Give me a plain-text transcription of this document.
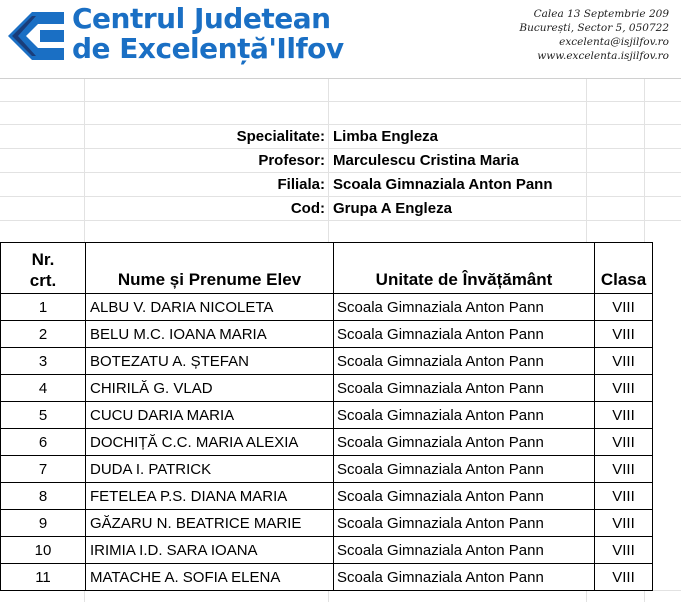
Centrul Judetean
de Excelență'Ilfov
Calea 13 Septembrie 209
București, Sector 5, 050722
excelenta@isjilfov.ro
www.excelenta.isjilfov.ro
Specialitate: Limba Engleza
Profesor: Marculescu Cristina Maria
Filiala: Scoala Gimnaziala Anton Pann
Cod: Grupa A Engleza
Nr.
crt.	Nume și Prenume Elev	Unitate de Învățământ	Clasa
1	ALBU V. DARIA NICOLETA	Scoala Gimnaziala Anton Pann	VIII
2	BELU M.C. IOANA MARIA	Scoala Gimnaziala Anton Pann	VIII
3	BOTEZATU A. ȘTEFAN	Scoala Gimnaziala Anton Pann	VIII
4	CHIRILĂ G. VLAD	Scoala Gimnaziala Anton Pann	VIII
5	CUCU DARIA MARIA	Scoala Gimnaziala Anton Pann	VIII
6	DOCHIȚĂ C.C. MARIA ALEXIA	Scoala Gimnaziala Anton Pann	VIII
7	DUDA I. PATRICK	Scoala Gimnaziala Anton Pann	VIII
8	FETELEA P.S. DIANA MARIA	Scoala Gimnaziala Anton Pann	VIII
9	GĂZARU N. BEATRICE MARIE	Scoala Gimnaziala Anton Pann	VIII
10	IRIMIA I.D. SARA IOANA	Scoala Gimnaziala Anton Pann	VIII
11	MATACHE A. SOFIA ELENA	Scoala Gimnaziala Anton Pann	VIII
